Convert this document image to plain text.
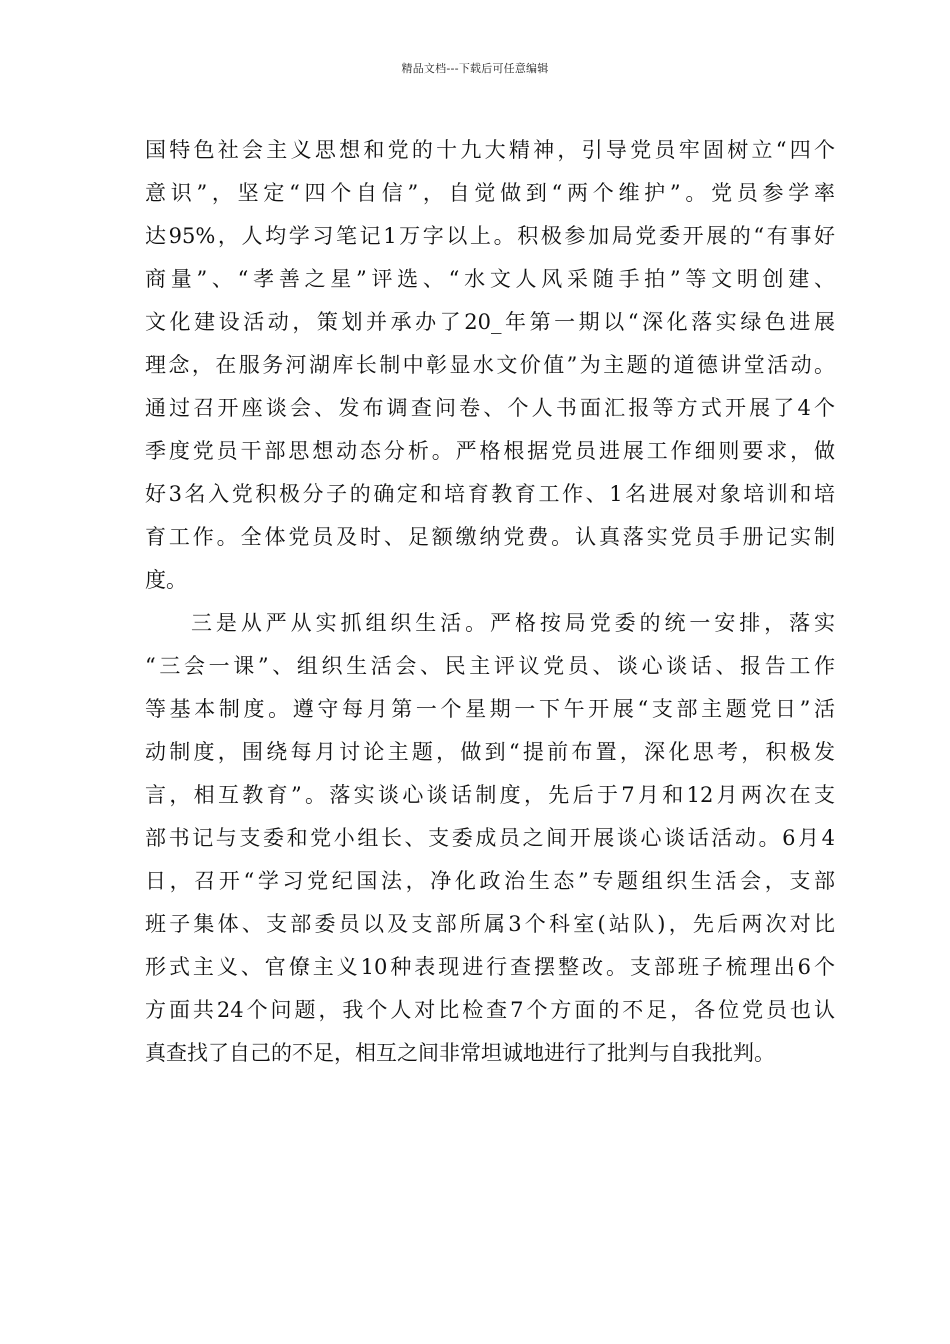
精品文档---下载后可任意编辑
国特色社会主义思想和党的十九大精神，引导党员牢固树立“四个
意识”，坚定“四个自信”，自觉做到“两个维护”。党员参学率
达95%，人均学习笔记1万字以上。积极参加局党委开展的“有事好
商量”、“孝善之星”评选、“水文人风采随手拍”等文明创建、
文化建设活动，策划并承办了20_年第一期以“深化落实绿色进展
理念，在服务河湖库长制中彰显水文价值”为主题的道德讲堂活动。
通过召开座谈会、发布调查问卷、个人书面汇报等方式开展了4个
季度党员干部思想动态分析。严格根据党员进展工作细则要求，做
好3名入党积极分子的确定和培育教育工作、1名进展对象培训和培
育工作。全体党员及时、足额缴纳党费。认真落实党员手册记实制
度。
三是从严从实抓组织生活。严格按局党委的统一安排，落实
“三会一课”、组织生活会、民主评议党员、谈心谈话、报告工作
等基本制度。遵守每月第一个星期一下午开展“支部主题党日”活
动制度，围绕每月讨论主题，做到“提前布置，深化思考，积极发
言，相互教育”。落实谈心谈话制度，先后于7月和12月两次在支
部书记与支委和党小组长、支委成员之间开展谈心谈话活动。6月4
日，召开“学习党纪国法，净化政治生态”专题组织生活会，支部
班子集体、支部委员以及支部所属3个科室(站队)，先后两次对比
形式主义、官僚主义10种表现进行查摆整改。支部班子梳理出6个
方面共24个问题，我个人对比检查7个方面的不足，各位党员也认
真查找了自己的不足，相互之间非常坦诚地进行了批判与自我批判。
